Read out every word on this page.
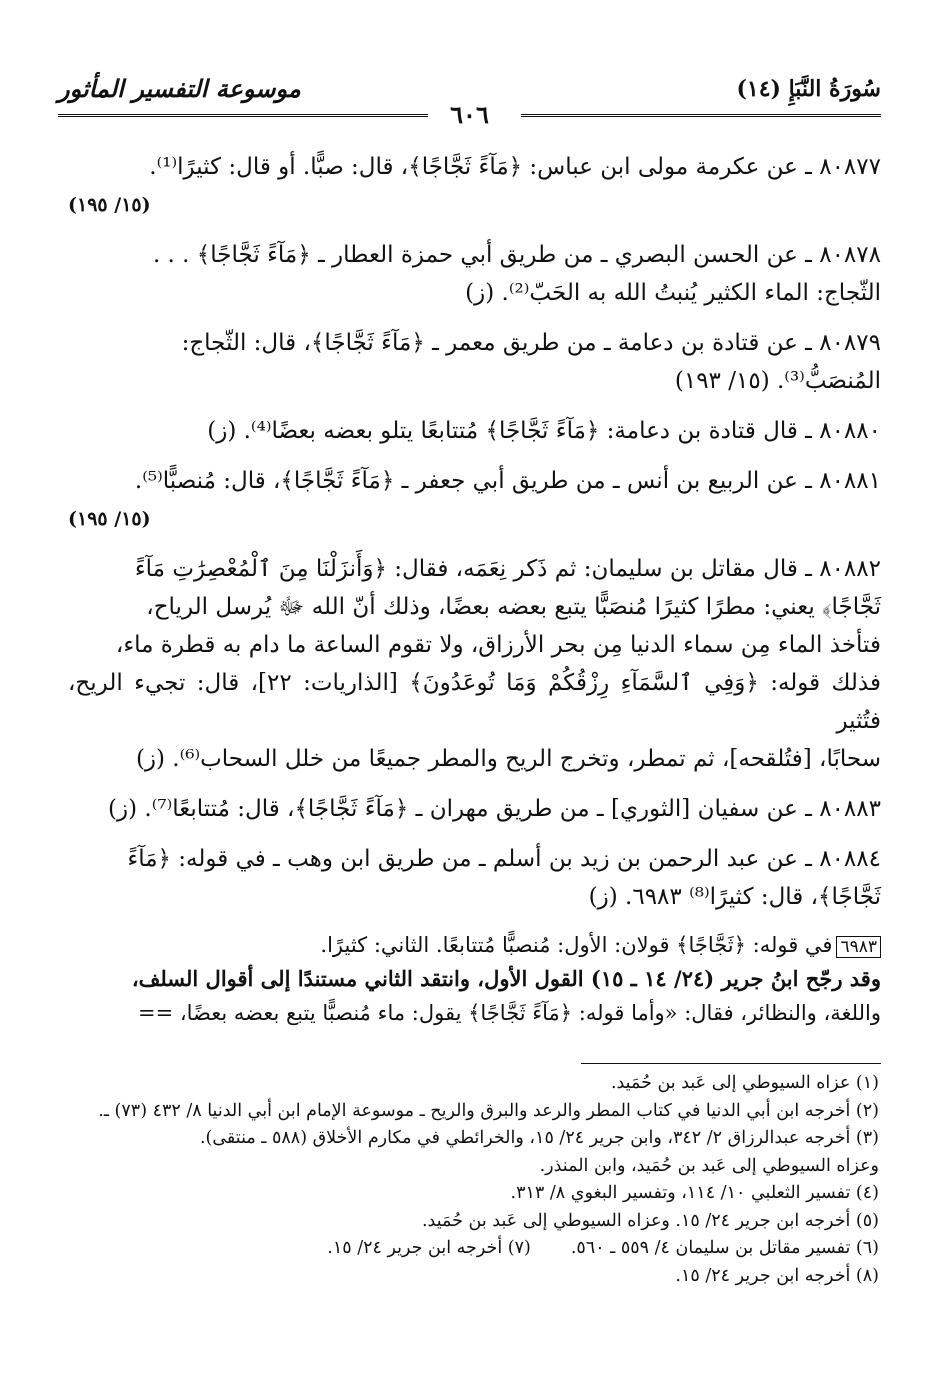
سُورَةُ النَّبَإِ (١٤)
موسوعة التفسير المأثور
٦٠٦
٨٠٨٧٧ ـ عن عكرمة مولى ابن عباس: ﴿مَآءً ثَجَّاجًا﴾، قال: صبًّا. أو قال: كثيرًا⁽¹⁾.
(١٥/ ١٩٥)
٨٠٨٧٨ ـ عن الحسن البصري ـ من طريق أبي حمزة العطار ـ ﴿مَآءً ثَجَّاجًا﴾ . . .
الثّجاج: الماء الكثير يُنبتُ الله به الحَبّ⁽²⁾. (ز)
٨٠٨٧٩ ـ عن قتادة بن دعامة ـ من طريق معمر ـ ﴿مَآءً ثَجَّاجًا﴾، قال: الثّجاج:
المُنصَبُّ⁽³⁾. (١٥/ ١٩٣)
٨٠٨٨٠ ـ قال قتادة بن دعامة: ﴿مَآءً ثَجَّاجًا﴾ مُتتابعًا يتلو بعضه بعضًا⁽⁴⁾. (ز)
٨٠٨٨١ ـ عن الربيع بن أنس ـ من طريق أبي جعفر ـ ﴿مَآءً ثَجَّاجًا﴾، قال: مُنصبًّا⁽⁵⁾.
(١٥/ ١٩٥)
٨٠٨٨٢ ـ قال مقاتل بن سليمان: ثم ذَكر نِعَمَه، فقال: ﴿وَأَنزَلْنَا مِنَ ٱلْمُعْصِرَٰتِ مَآءً
ثَجَّاجًا﴾ يعني: مطرًا كثيرًا مُنصَبًّا يتبع بعضه بعضًا، وذلك أنّ الله ﷻ يُرسل الرياح،
فتأخذ الماء مِن سماء الدنيا مِن بحر الأرزاق، ولا تقوم الساعة ما دام به قطرة ماء،
فذلك قوله: ﴿وَفِي ٱلسَّمَآءِ رِزْقُكُمْ وَمَا تُوعَدُونَ﴾ [الذاريات: ٢٢]، قال: تجيء الريح، فتُثير
سحابًا، [فتُلقحه]، ثم تمطر، وتخرج الريح والمطر جميعًا من خلل السحاب⁽⁶⁾. (ز)
٨٠٨٨٣ ـ عن سفيان [الثوري] ـ من طريق مهران ـ ﴿مَآءً ثَجَّاجًا﴾، قال: مُتتابعًا⁽⁷⁾. (ز)
٨٠٨٨٤ ـ عن عبد الرحمن بن زيد بن أسلم ـ من طريق ابن وهب ـ في قوله: ﴿مَآءً
ثَجَّاجًا﴾، قال: كثيرًا⁽⁸⁾ ٦٩٨٣. (ز)
٦٩٨٣في قوله: ﴿ثَجَّاجًا﴾ قولان: الأول: مُنصبًّا مُتتابعًا. الثاني: كثيرًا.
وقد رجّح ابنُ جرير (٢٤/ ١٤ ـ ١٥) القول الأول، وانتقد الثاني مستندًا إلى أقوال السلف،
واللغة، والنظائر، فقال: «وأما قوله: ﴿مَآءً ثَجَّاجًا﴾ يقول: ماء مُنصبًّا يتبع بعضه بعضًا، ==
(١) عزاه السيوطي إلى عَبد بن حُمَيد.
(٢) أخرجه ابن أبي الدنيا في كتاب المطر والرعد والبرق والريح ـ موسوعة الإمام ابن أبي الدنيا ٨/ ٤٣٢ (٧٣) ـ.
(٣) أخرجه عبدالرزاق ٢/ ٣٤٢، وابن جرير ٢٤/ ١٥، والخرائطي في مكارم الأخلاق (٥٨٨ ـ منتقى).
وعزاه السيوطي إلى عَبد بن حُمَيد، وابن المنذر.
(٤) تفسير الثعلبي ١٠/ ١١٤، وتفسير البغوي ٨/ ٣١٣.
(٥) أخرجه ابن جرير ٢٤/ ١٥. وعزاه السيوطي إلى عَبد بن حُمَيد.
(٦) تفسير مقاتل بن سليمان ٤/ ٥٥٩ ـ ٥٦٠.
(٧) أخرجه ابن جرير ٢٤/ ١٥.
(٨) أخرجه ابن جرير ٢٤/ ١٥.
